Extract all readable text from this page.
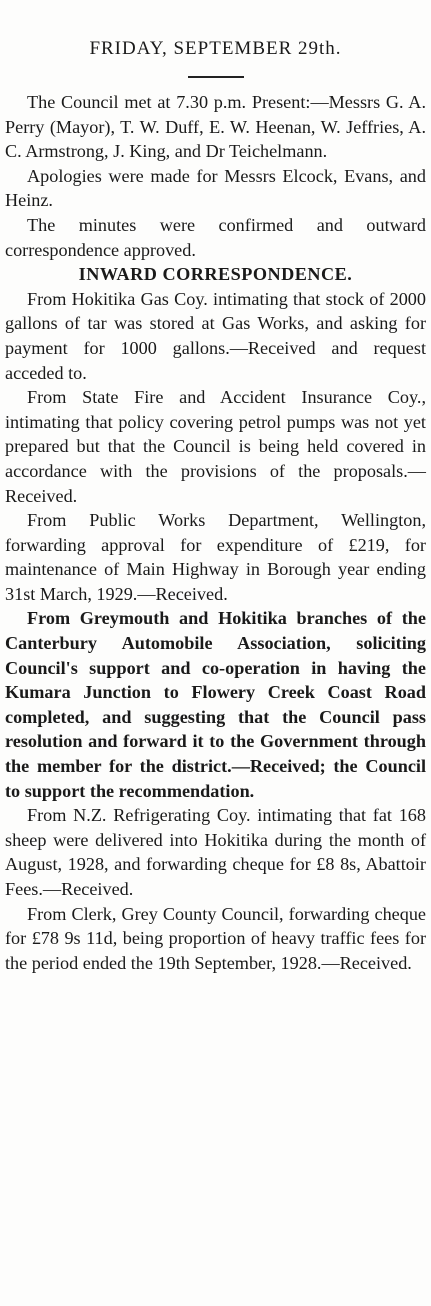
FRIDAY, SEPTEMBER 29th.

The Council met at 7.30 p.m. Present:—Messrs G. A. Perry (Mayor), T. W. Duff, E. W. Heenan, W. Jeffries, A. C. Armstrong, J. King, and Dr Teichelmann.

Apologies were made for Messrs Elcock, Evans, and Heinz.

The minutes were confirmed and outward correspondence approved.

INWARD CORRESPONDENCE.

From Hokitika Gas Coy. intimating that stock of 2000 gallons of tar was stored at Gas Works, and asking for payment for 1000 gallons.—Received and request acceded to.

From State Fire and Accident Insurance Coy., intimating that policy covering petrol pumps was not yet prepared but that the Council is being held covered in accordance with the provisions of the proposals.—Received.

From Public Works Department, Wellington, forwarding approval for expenditure of £219, for maintenance of Main Highway in Borough year ending 31st March, 1929.—Received.

From Greymouth and Hokitika branches of the Canterbury Automobile Association, soliciting Council's support and co-operation in having the Kumara Junction to Flowery Creek Coast Road completed, and suggesting that the Council pass resolution and forward it to the Government through the member for the district.—Received; the Council to support the recommendation.

From N.Z. Refrigerating Coy. intimating that fat 168 sheep were delivered into Hokitika during the month of August, 1928, and forwarding cheque for £8 8s, Abattoir Fees.—Received.

From Clerk, Grey County Council, forwarding cheque for £78 9s 11d, being proportion of heavy traffic fees for the period ended the 19th September, 1928.—Received.
